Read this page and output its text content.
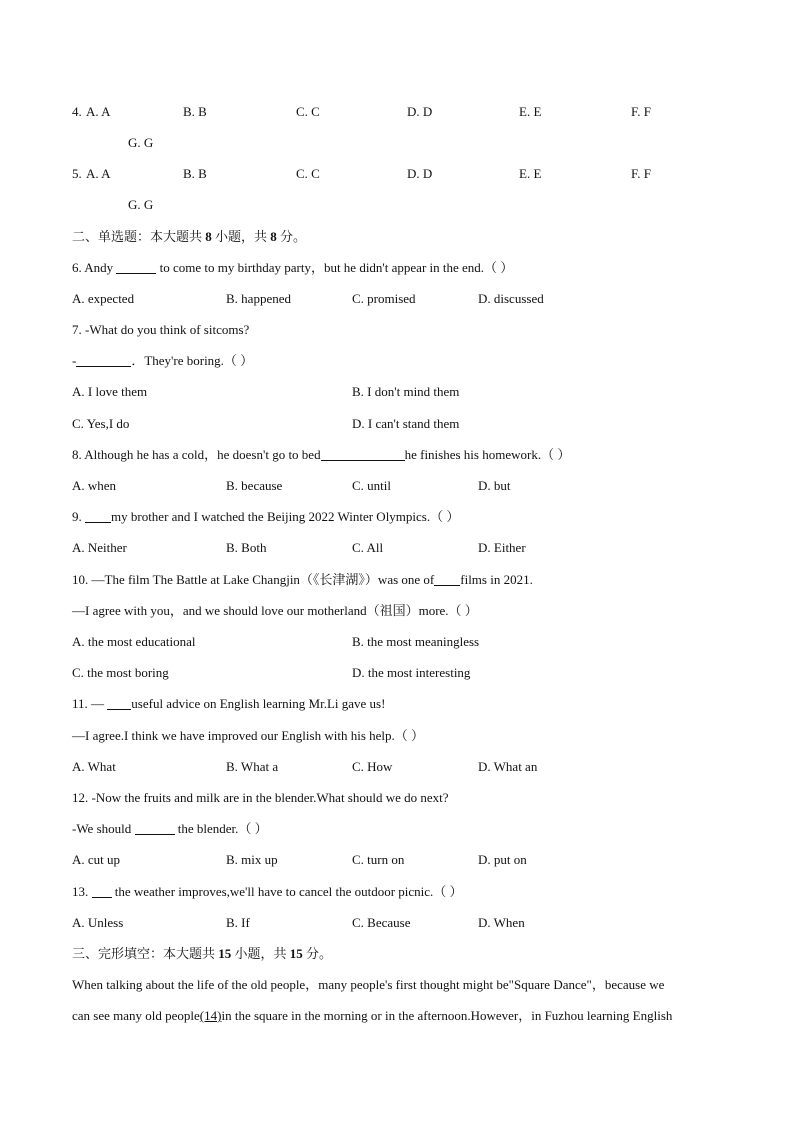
4. A. A	B. B	C. C	D. D	E. E	F. F
G. G
5. A. A	B. B	C. C	D. D	E. E	F. F
G. G
二、单选题：本大题共 8 小题，共 8 分。
6. Andy	to come to my birthday party，but he didn't appear in the end.（ ）
A. expected	B. happened	C. promised	D. discussed
7. -What do you think of sitcoms?
-	．They're boring.（ ）
A. I love them	B. I don't mind them
C. Yes,I do	D. I can't stand them
8. Although he has a cold，he doesn't go to bed	he finishes his homework.（ ）
A. when	B. because	C. until	D. but
9. my brother and I watched the Beijing 2022 Winter Olympics.（ ）
A. Neither	B. Both	C. All	D. Either
10. —The film The Battle at Lake Changjin（《长津湖》）was one of films in 2021.
—I agree with you，and we should love our motherland（祖国）more.（ ）
A. the most educational	B. the most meaningless
C. the most boring	D. the most interesting
11. — useful advice on English learning Mr.Li gave us!
—I agree.I think we have improved our English with his help.（ ）
A. What	B. What a	C. How	D. What an
12. -Now the fruits and milk are in the blender.What should we do next?
-We should	the blender.（ ）
A. cut up	B. mix up	C. turn on	D. put on
13.  the weather improves,we'll have to cancel the outdoor picnic.（ ）
A. Unless	B. If	C. Because	D. When
三、完形填空：本大题共 15 小题，共 15 分。
When talking about the life of the old people，many people's first thought might be"Square Dance"，because we
can see many old people(14)in the square in the morning or in the afternoon.However，in Fuzhou learning English
